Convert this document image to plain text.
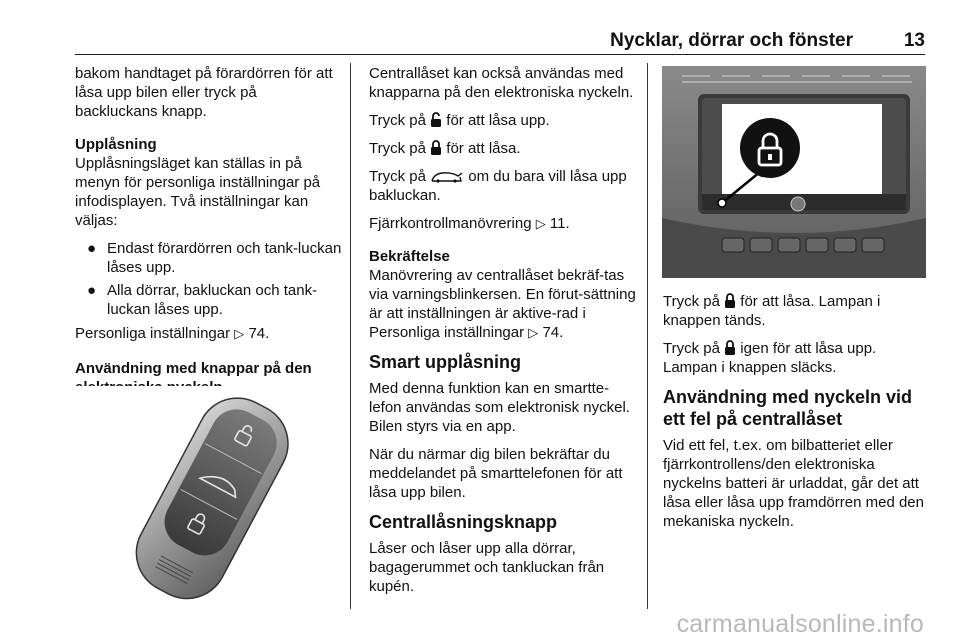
Nycklar, dörrar och fönster	13

bakom handtaget på förardörren för att låsa upp bilen eller tryck på backluckans knapp.

Upplåsning

Upplåsningsläget kan ställas in på menyn för personliga inställningar på infodisplayen. Två inställningar kan väljas:

● Endast förardörren och tank-luckan låses upp.
● Alla dörrar, bakluckan och tank-luckan låses upp.

Personliga inställningar ▷ 74.

Användning med knappar på den

Centrallåset kan också användas med knapparna på den elektroniska nyckeln.

Tryck på för att låsa upp.

Tryck på för att låsa.

Tryck på	om du bara vill låsa upp bakluckan.

Fjärrkontrollmanövrering ▷ 11.

Bekräftelse

Manövrering av centrallåset bekräf-tas via varningsblinkersen. En förut-sättning är att inställningen är aktive-rad i Personliga inställningar ▷ 74.

Smart upplåsning

Med denna funktion kan en smartte-lefon användas som elektronisk nyckel. Bilen styrs via en app.

När du närmar dig bilen bekräftar du meddelandet på smarttelefonen för att låsa upp bilen.

Centrallåsningsknapp

Låser och låser upp alla dörrar, bagagerummet och tankluckan från kupén.

Tryck på för att låsa. Lampan i knappen tänds.

Tryck på igen för att låsa upp. Lampan i knappen släcks.

Användning med nyckeln vid ett fel på centrallåset

Vid ett fel, t.ex. om bilbatteriet eller fjärrkontrollens/den elektroniska nyckelns batteri är urladdat, går det att låsa eller låsa upp framdörren med den mekaniska nyckeln.

carmanualsonline.info
